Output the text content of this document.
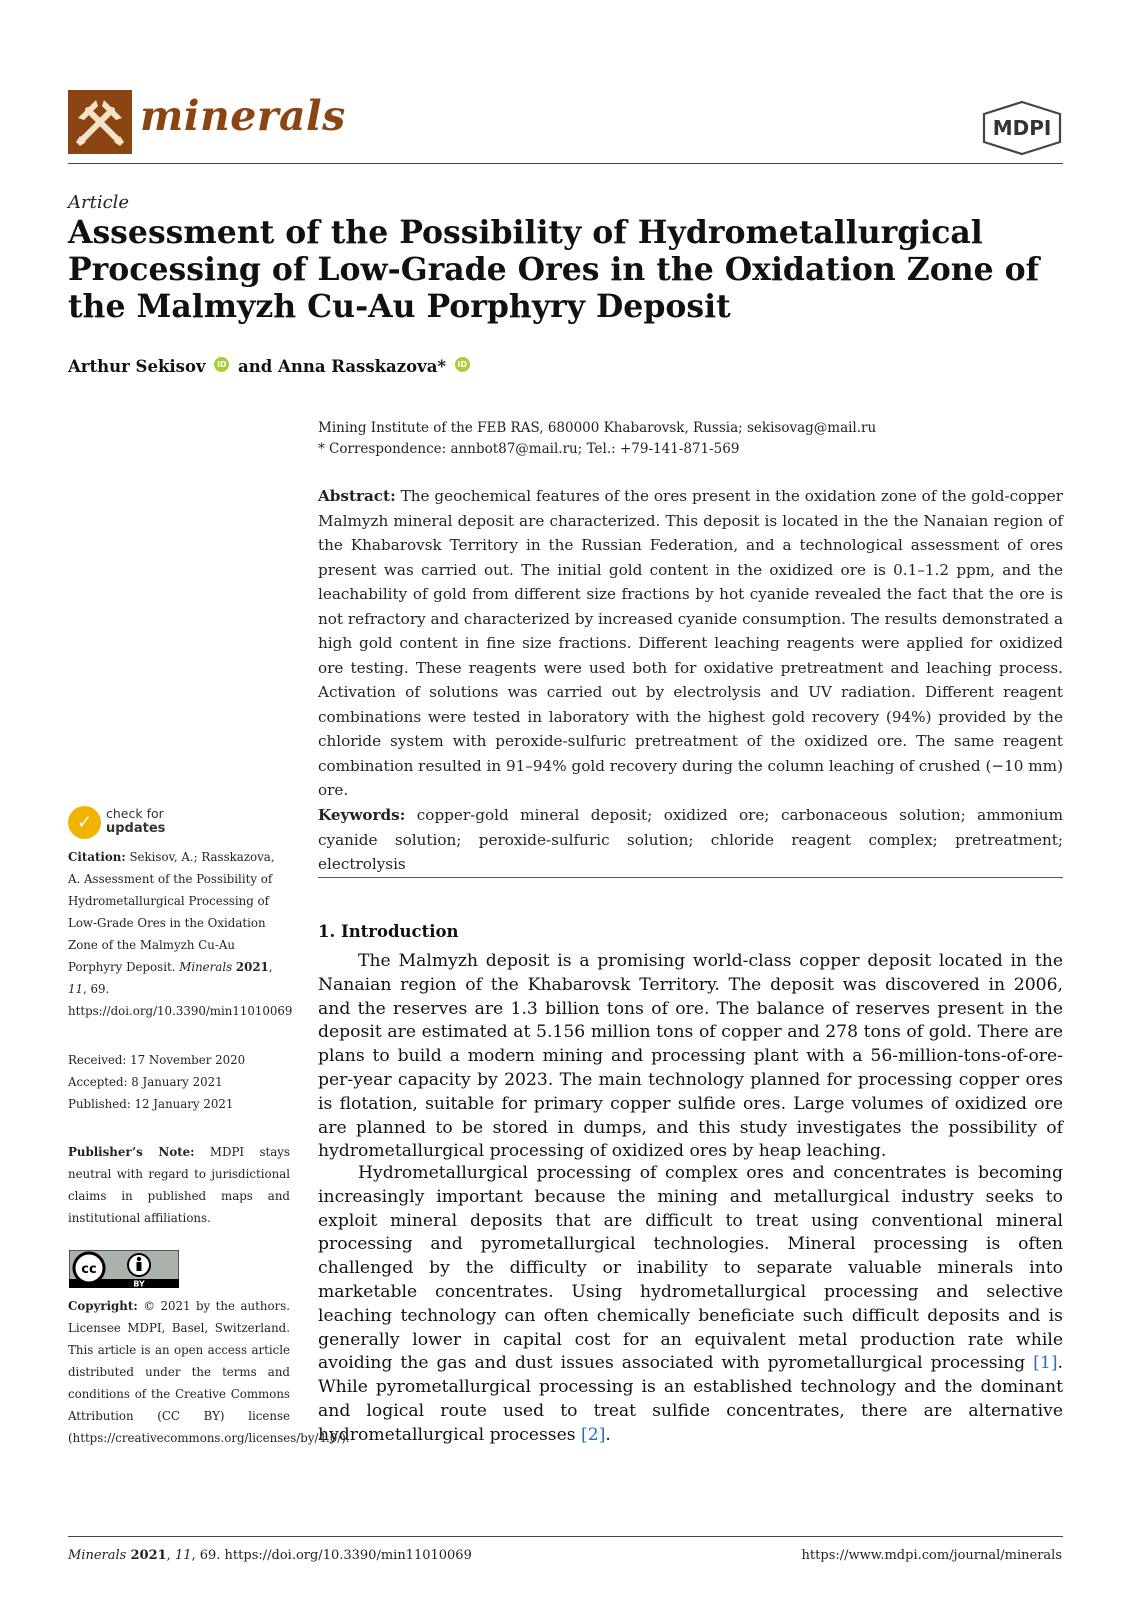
minerals	MDPI
Article
Assessment of the Possibility of Hydrometallurgical Processing of Low-Grade Ores in the Oxidation Zone of the Malmyzh Cu-Au Porphyry Deposit
Arthur Sekisov iD and Anna Rasskazova* iD
Mining Institute of the FEB RAS, 680000 Khabarovsk, Russia; sekisovag@mail.ru
* Correspondence: annbot87@mail.ru; Tel.: +79-141-871-569
Abstract: The geochemical features of the ores present in the oxidation zone of the gold-copper Malmyzh mineral deposit are characterized. This deposit is located in the the Nanaian region of the Khabarovsk Territory in the Russian Federation, and a technological assessment of ores present was carried out. The initial gold content in the oxidized ore is 0.1–1.2 ppm, and the leachability of gold from different size fractions by hot cyanide revealed the fact that the ore is not refractory and characterized by increased cyanide consumption. The results demonstrated a high gold content in fine size fractions. Different leaching reagents were applied for oxidized ore testing. These reagents were used both for oxidative pretreatment and leaching process. Activation of solutions was carried out by electrolysis and UV radiation. Different reagent combinations were tested in laboratory with the highest gold recovery (94%) provided by the chloride system with peroxide-sulfuric pretreatment of the oxidized ore. The same reagent combination resulted in 91–94% gold recovery during the column leaching of crushed (−10 mm) ore.
Keywords: copper-gold mineral deposit; oxidized ore; carbonaceous solution; ammonium cyanide solution; peroxide-sulfuric solution; chloride reagent complex; pretreatment; electrolysis
1. Introduction

The Malmyzh deposit is a promising world-class copper deposit located in the Nanaian region of the Khabarovsk Territory. The deposit was discovered in 2006, and the reserves are 1.3 billion tons of ore. The balance of reserves present in the deposit are estimated at 5.156 million tons of copper and 278 tons of gold. There are plans to build a modern mining and processing plant with a 56-million-tons-of-ore-per-year capacity by 2023. The main technology planned for processing copper ores is flotation, suitable for primary copper sulfide ores. Large volumes of oxidized ore are planned to be stored in dumps, and this study investigates the possibility of hydrometallurgical processing of oxidized ores by heap leaching.

Hydrometallurgical processing of complex ores and concentrates is becoming increasingly important because the mining and metallurgical industry seeks to exploit mineral deposits that are difficult to treat using conventional mineral processing and pyrometallurgical technologies. Mineral processing is often challenged by the difficulty or inability to separate valuable minerals into marketable concentrates. Using hydrometallurgical processing and selective leaching technology can often chemically beneficiate such difficult deposits and is generally lower in capital cost for an equivalent metal production rate while avoiding the gas and dust issues associated with pyrometallurgical processing [1]. While pyrometallurgical processing is an established technology and the dominant and logical route used to treat sulfide concentrates, there are alternative hydrometallurgical processes [2].

✓	check for
updates
Citation: Sekisov, A.; Rasskazova, A. Assessment of the Possibility of Hydrometallurgical Processing of Low-Grade Ores in the Oxidation Zone of the Malmyzh Cu-Au Porphyry Deposit. Minerals 2021, 11, 69. https://doi.org/10.3390/min11010069
Received: 17 November 2020
Accepted: 8 January 2021
Published: 12 January 2021
Publisher’s Note: MDPI stays neutral with regard to jurisdictional claims in published maps and institutional affiliations.
cc
BY
Copyright: © 2021 by the authors. Licensee MDPI, Basel, Switzerland. This article is an open access article distributed under the terms and conditions of the Creative Commons Attribution (CC BY) license (https://creativecommons.org/licenses/by/4.0/).
Minerals 2021, 11, 69. https://doi.org/10.3390/min11010069	https://www.mdpi.com/journal/minerals
